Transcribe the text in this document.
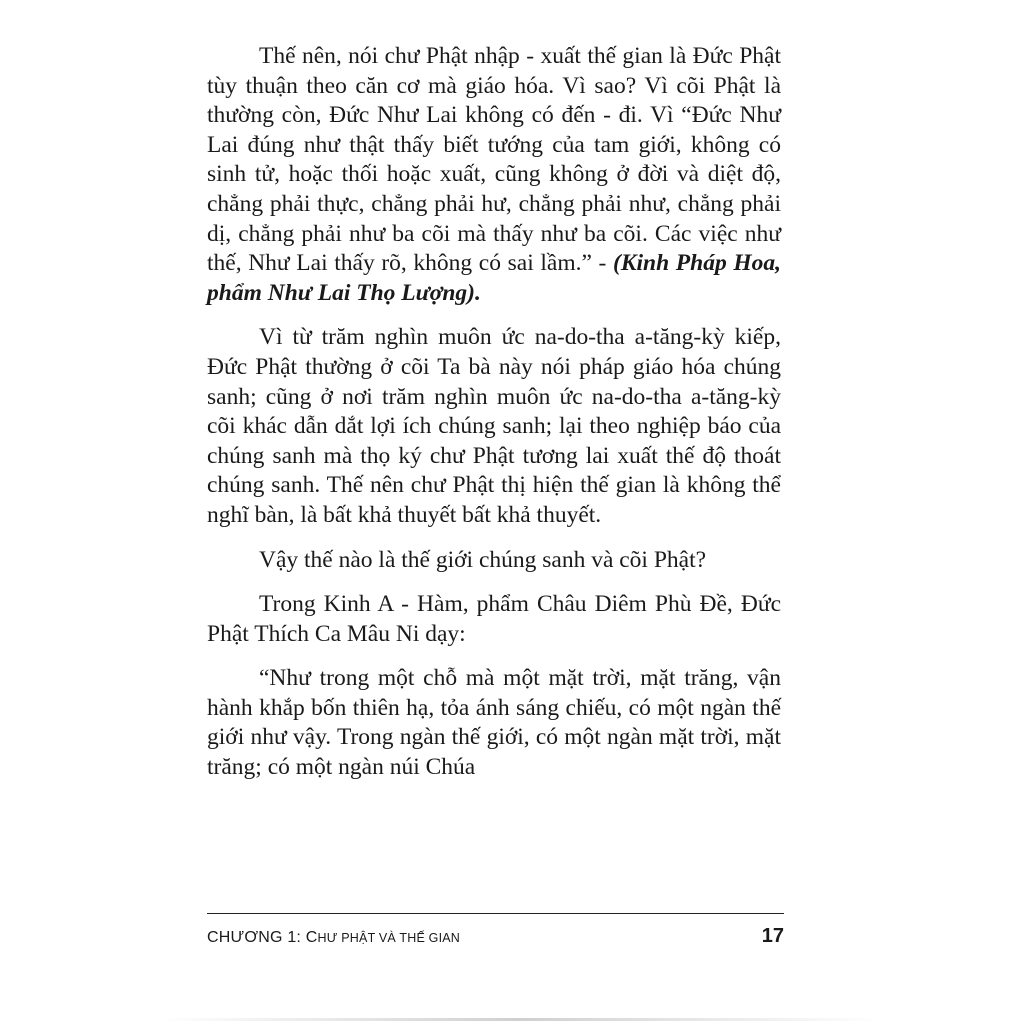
Thế nên, nói chư Phật nhập - xuất thế gian là Đức Phật tùy thuận theo căn cơ mà giáo hóa. Vì sao? Vì cõi Phật là thường còn, Đức Như Lai không có đến - đi. Vì “Đức Như Lai đúng như thật thấy biết tướng của tam giới, không có sinh tử, hoặc thối hoặc xuất, cũng không ở đời và diệt độ, chẳng phải thực, chẳng phải hư, chẳng phải như, chẳng phải dị, chẳng phải như ba cõi mà thấy như ba cõi. Các việc như thế, Như Lai thấy rõ, không có sai lầm.” - (Kinh Pháp Hoa, phẩm Như Lai Thọ Lượng).

Vì từ trăm nghìn muôn ức na-do-tha a-tăng-kỳ kiếp, Đức Phật thường ở cõi Ta bà này nói pháp giáo hóa chúng sanh; cũng ở nơi trăm nghìn muôn ức na-do-tha a-tăng-kỳ cõi khác dẫn dắt lợi ích chúng sanh; lại theo nghiệp báo của chúng sanh mà thọ ký chư Phật tương lai xuất thế độ thoát chúng sanh. Thế nên chư Phật thị hiện thế gian là không thể nghĩ bàn, là bất khả thuyết bất khả thuyết.

Vậy thế nào là thế giới chúng sanh và cõi Phật?

Trong Kinh A - Hàm, phẩm Châu Diêm Phù Đề, Đức Phật Thích Ca Mâu Ni dạy:

“Như trong một chỗ mà một mặt trời, mặt trăng, vận hành khắp bốn thiên hạ, tỏa ánh sáng chiếu, có một ngàn thế giới như vậy. Trong ngàn thế giới, có một ngàn mặt trời, mặt trăng; có một ngàn núi Chúa

CHƯƠNG 1: CHƯ PHẬT VÀ THẾ GIAN	17
